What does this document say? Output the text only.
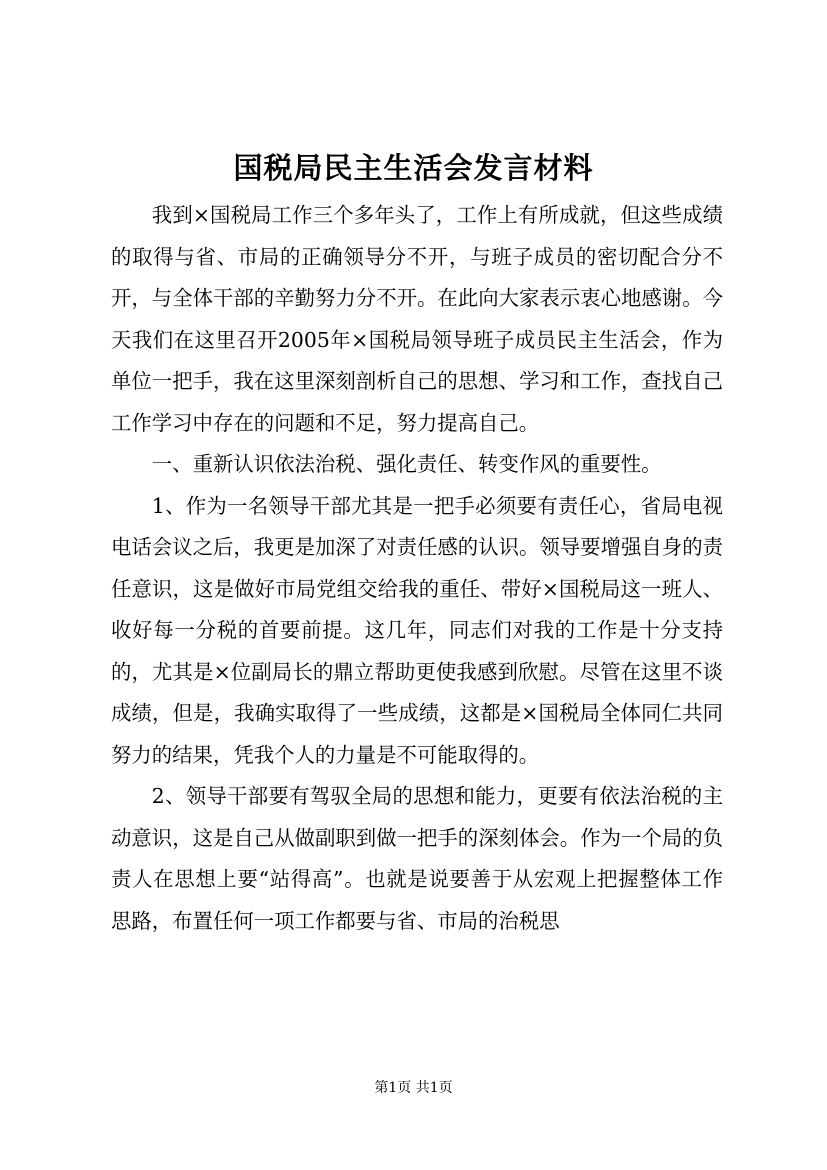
国税局民主生活会发言材料

我到×国税局工作三个多年头了，工作上有所成就，但这些成绩的取得与省、市局的正确领导分不开，与班子成员的密切配合分不开，与全体干部的辛勤努力分不开。在此向大家表示衷心地感谢。今天我们在这里召开2005年×国税局领导班子成员民主生活会，作为单位一把手，我在这里深刻剖析自己的思想、学习和工作，查找自己工作学习中存在的问题和不足，努力提高自己。

一、重新认识依法治税、强化责任、转变作风的重要性。

1、作为一名领导干部尤其是一把手必须要有责任心，省局电视电话会议之后，我更是加深了对责任感的认识。领导要增强自身的责任意识，这是做好市局党组交给我的重任、带好×国税局这一班人、收好每一分税的首要前提。这几年，同志们对我的工作是十分支持的，尤其是×位副局长的鼎立帮助更使我感到欣慰。尽管在这里不谈成绩，但是，我确实取得了一些成绩，这都是×国税局全体同仁共同努力的结果，凭我个人的力量是不可能取得的。

2、领导干部要有驾驭全局的思想和能力，更要有依法治税的主动意识，这是自己从做副职到做一把手的深刻体会。作为一个局的负责人在思想上要“站得高”。也就是说要善于从宏观上把握整体工作思路，布置任何一项工作都要与省、市局的治税思

第1页 共1页
